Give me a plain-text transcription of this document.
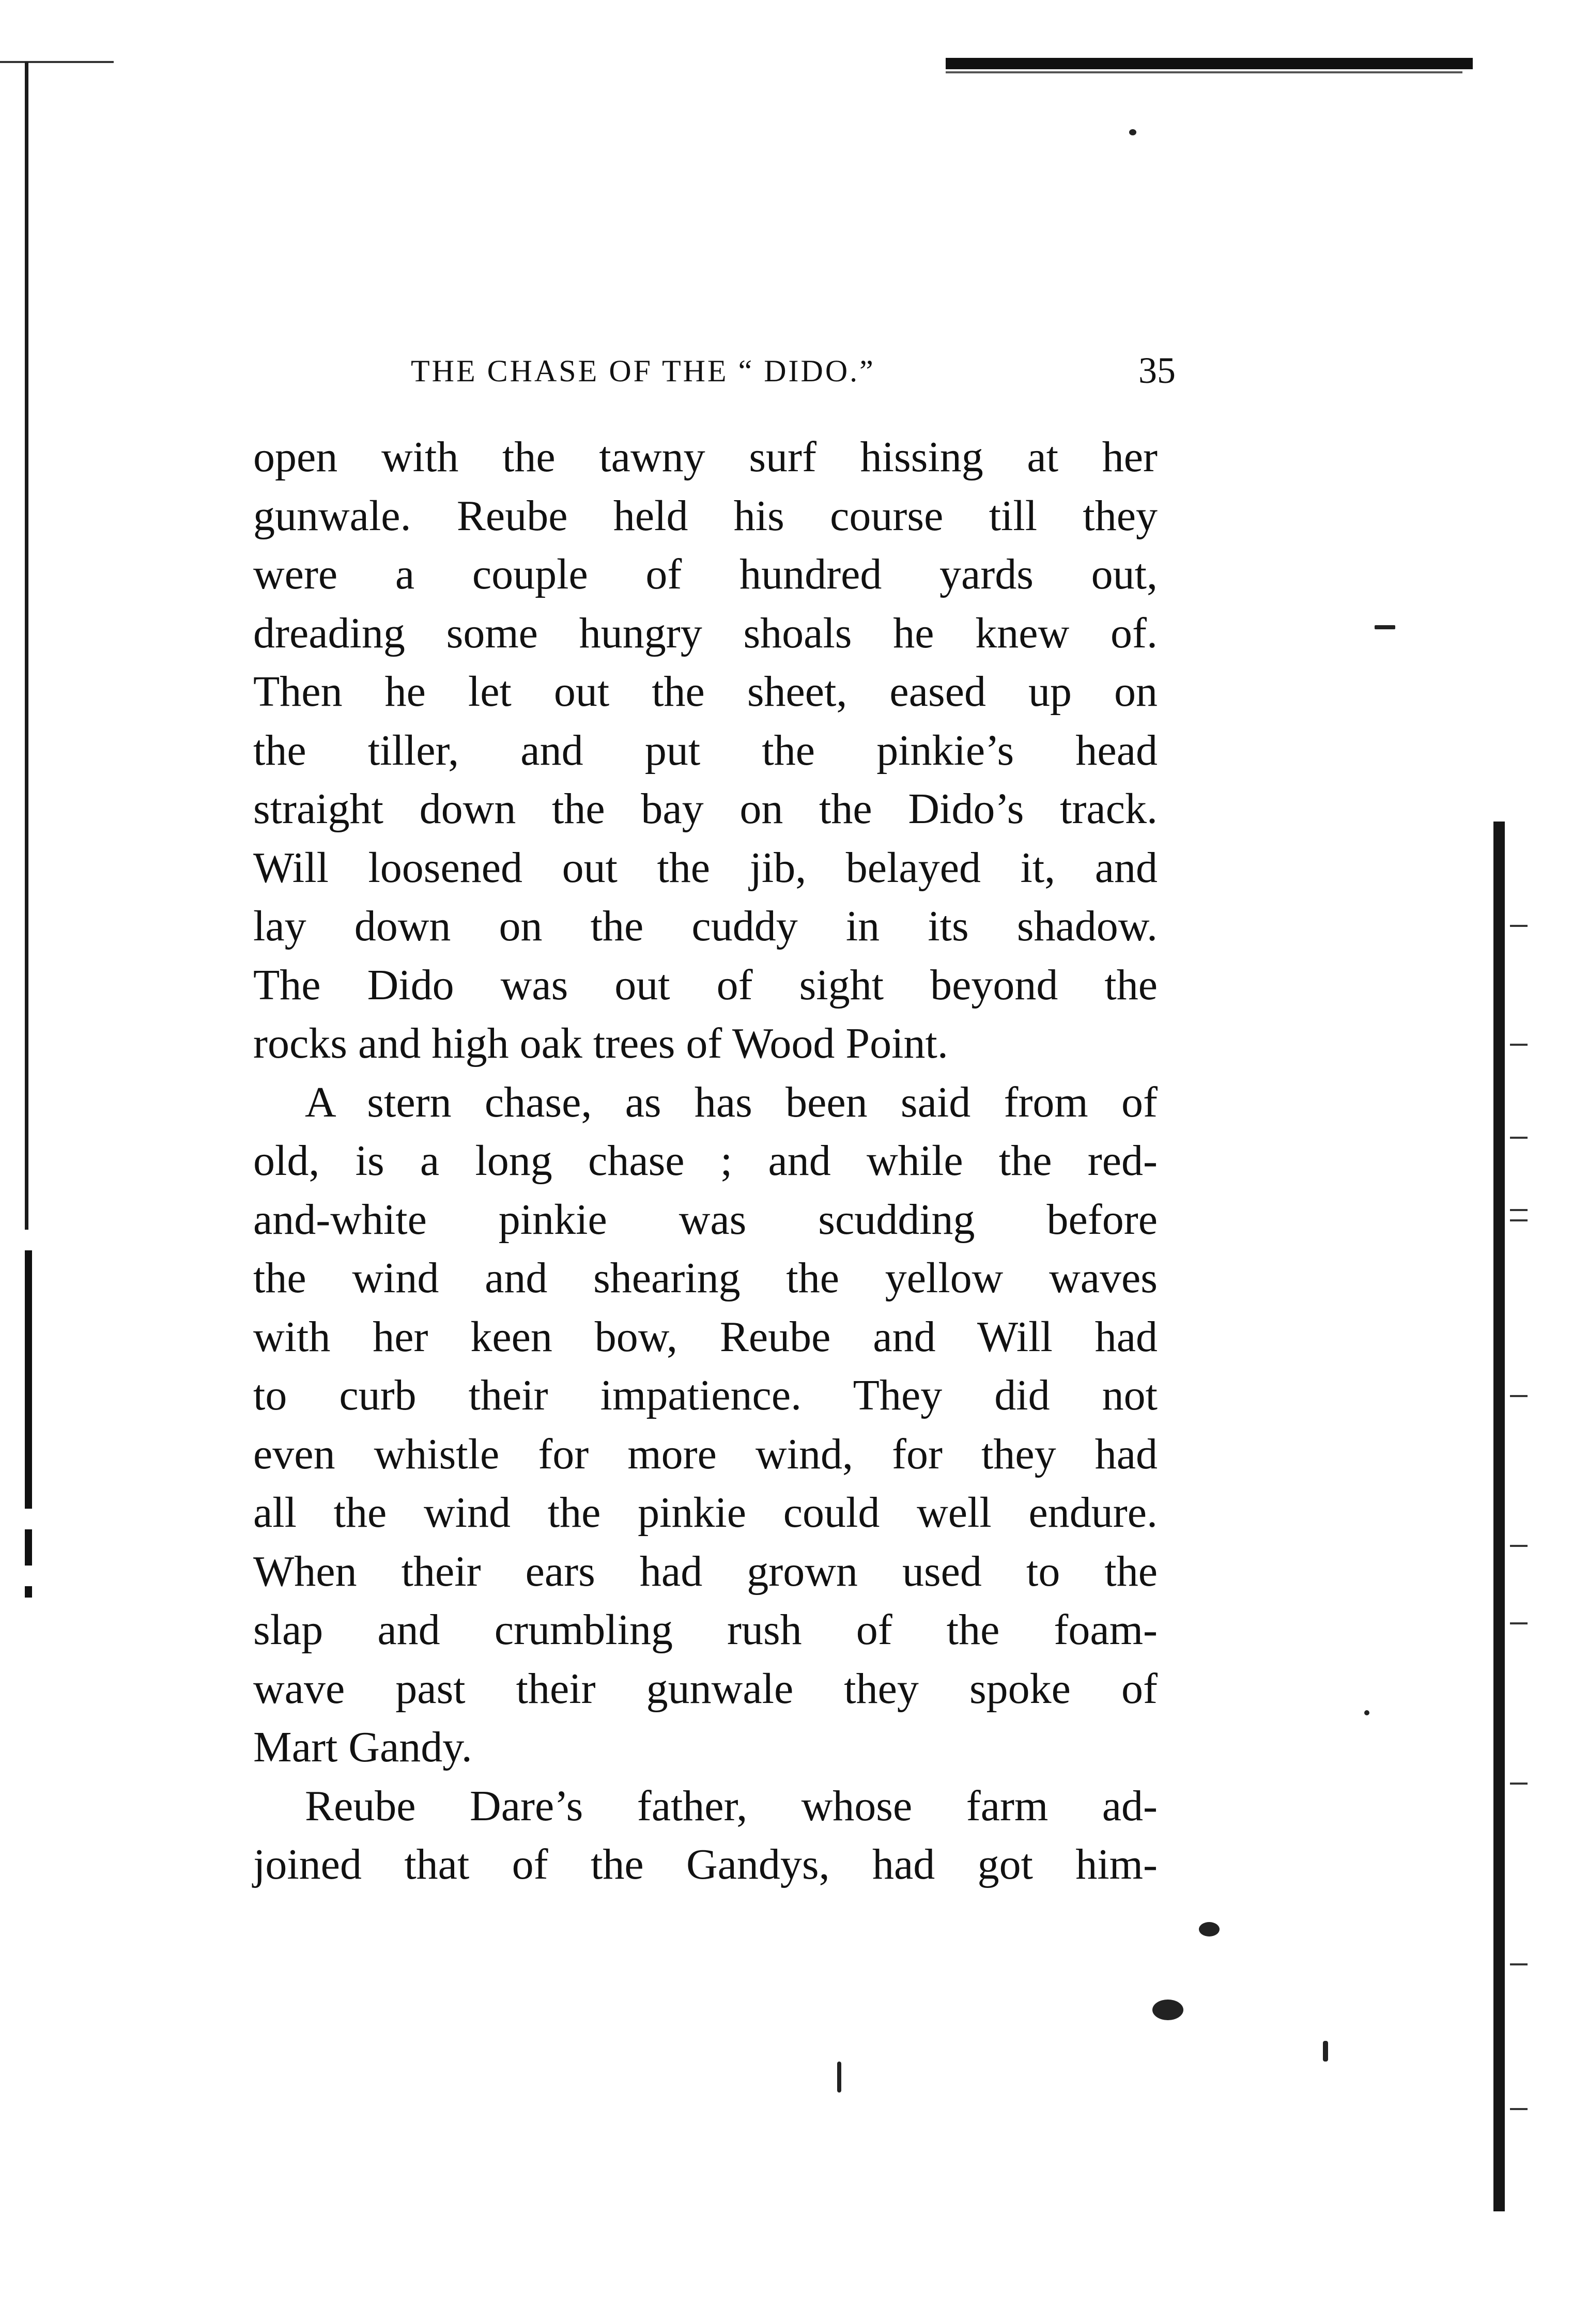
THE CHASE OF THE “ DIDO.”	35
open with the tawny surf hissing at her
gunwale. Reube held his course till they
were a couple of hundred yards out,
dreading some hungry shoals he knew of.
Then he let out the sheet, eased up on
the tiller, and put the pinkie’s head
straight down the bay on the Dido’s track.
Will loosened out the jib, belayed it, and
lay down on the cuddy in its shadow.
The Dido was out of sight beyond the
rocks and high oak trees of Wood Point.
A stern chase, as has been said from of
old, is a long chase ; and while the red-
and-white pinkie was scudding before
the wind and shearing the yellow waves
with her keen bow, Reube and Will had
to curb their impatience. They did not
even whistle for more wind, for they had
all the wind the pinkie could well endure.
When their ears had grown used to the
slap and crumbling rush of the foam-
wave past their gunwale they spoke of
Mart Gandy.
Reube Dare’s father, whose farm ad-
joined that of the Gandys, had got him-
